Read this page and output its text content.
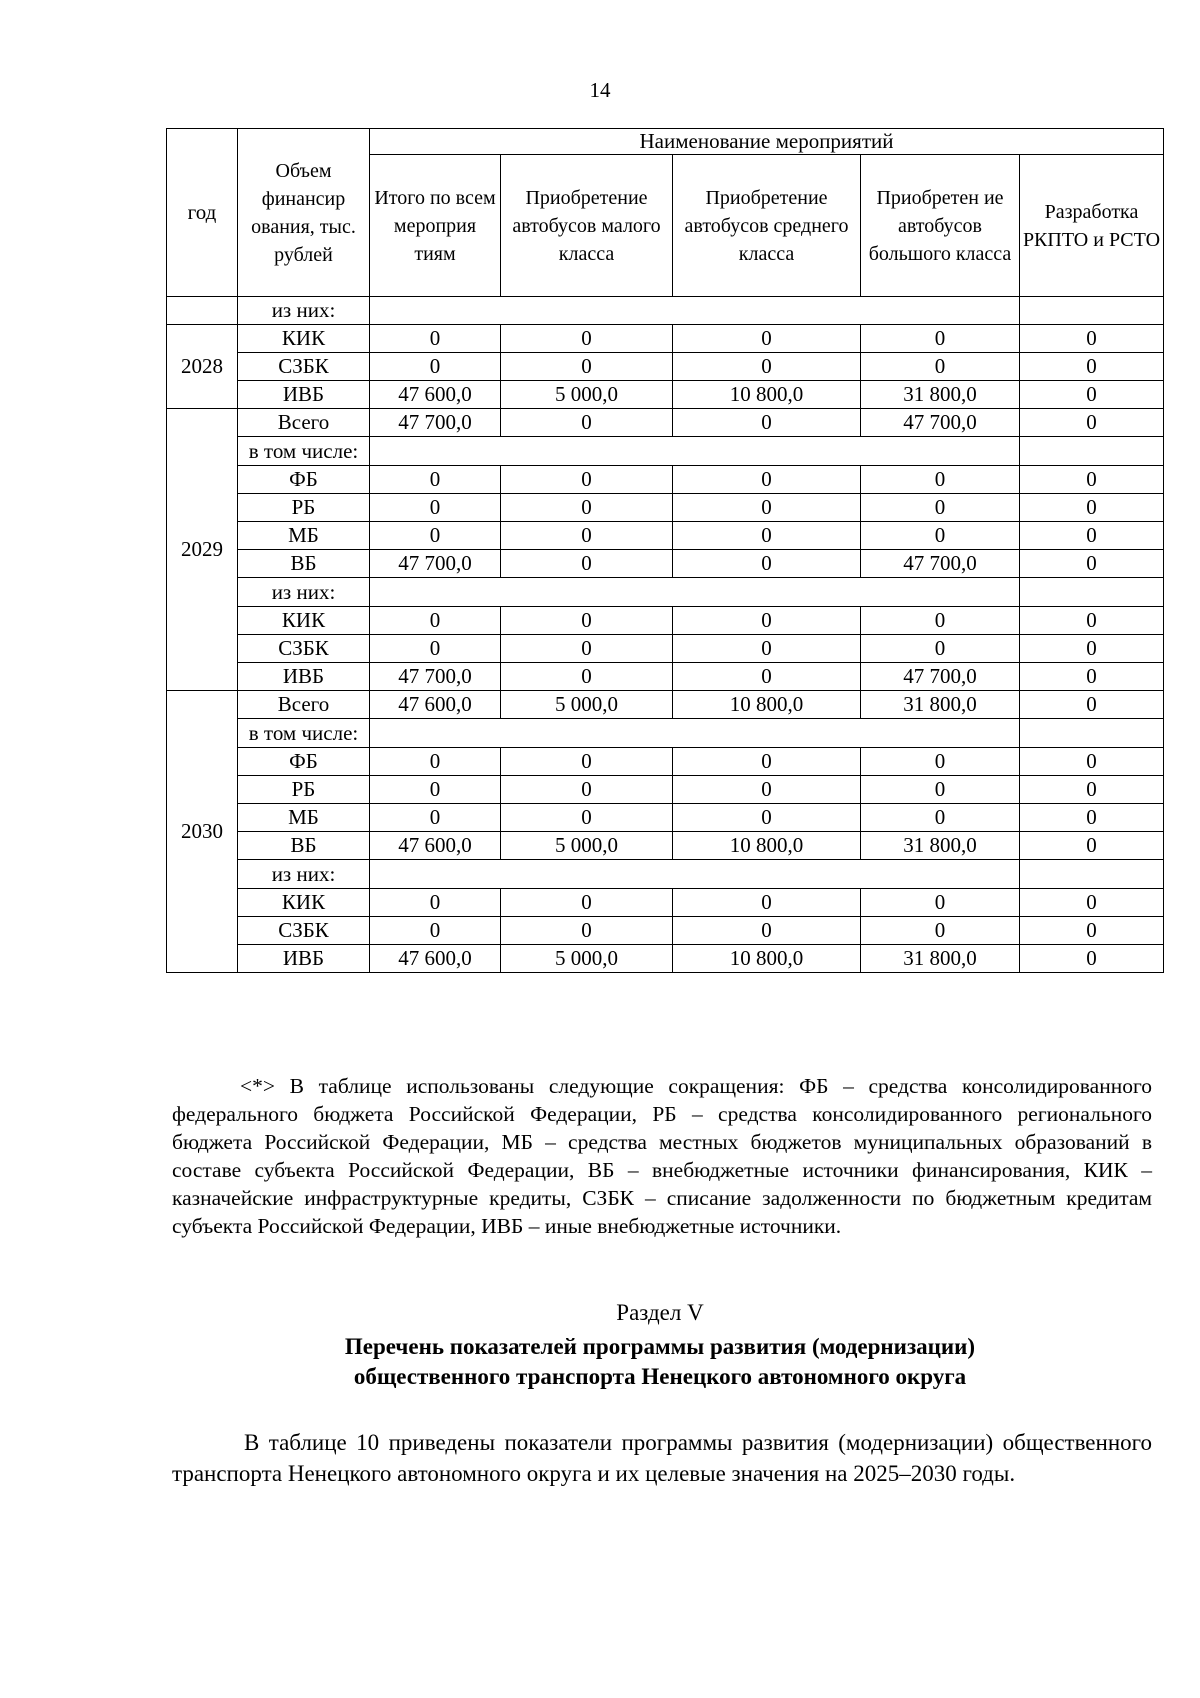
14
год	Объем финансир ования, тыс. рублей	Наименование мероприятий				
		Итого по всем мероприя тиям	Приобретение автобусов малого класса	Приобретение автобусов среднего класса	Приобретен ие автобусов большого класса	Разработка РКПТО и РСТО
	из них:					
2028	КИК	0	0	0	0	0
	СЗБК	0	0	0	0	0
	ИВБ	47 600,0	5 000,0	10 800,0	31 800,0	0
2029	Всего	47 700,0	0	0	47 700,0	0
	в том числе:					
	ФБ	0	0	0	0	0
	РБ	0	0	0	0	0
	МБ	0	0	0	0	0
	ВБ	47 700,0	0	0	47 700,0	0
	из них:					
	КИК	0	0	0	0	0
	СЗБК	0	0	0	0	0
	ИВБ	47 700,0	0	0	47 700,0	0
2030	Всего	47 600,0	5 000,0	10 800,0	31 800,0	0
	в том числе:					
	ФБ	0	0	0	0	0
	РБ	0	0	0	0	0
	МБ	0	0	0	0	0
	ВБ	47 600,0	5 000,0	10 800,0	31 800,0	0
	из них:					
	КИК	0	0	0	0	0
	СЗБК	0	0	0	0	0
	ИВБ	47 600,0	5 000,0	10 800,0	31 800,0	0

<*> В таблице использованы следующие сокращения: ФБ – средства консолидированного федерального бюджета Российской Федерации, РБ – средства консолидированного регионального бюджета Российской Федерации, МБ – средства местных бюджетов муниципальных образований в составе субъекта Российской Федерации, ВБ – внебюджетные источники финансирования, КИК – казначейские инфраструктурные кредиты, СЗБК – списание задолженности по бюджетным кредитам субъекта Российской Федерации, ИВБ – иные внебюджетные источники.

Раздел V
Перечень показателей программы развития (модернизации)
общественного транспорта Ненецкого автономного округа

В таблице 10 приведены показатели программы развития (модернизации) общественного транспорта Ненецкого автономного округа и их целевые значения на 2025–2030 годы.
